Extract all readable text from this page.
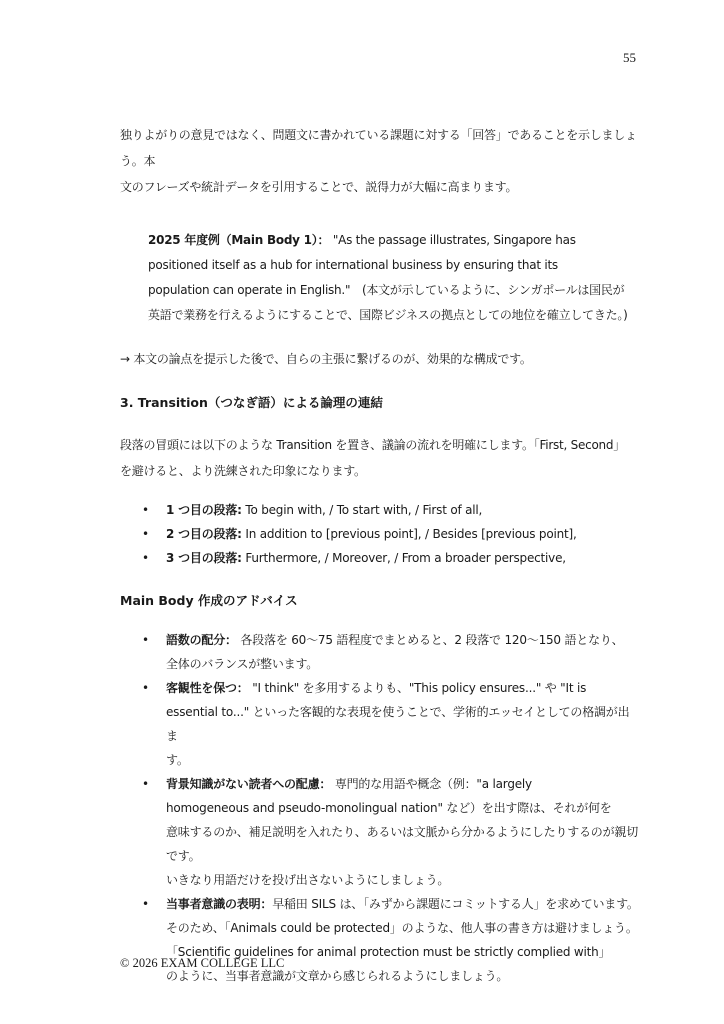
55

独りよがりの意見ではなく、問題文に書かれている課題に対する「回答」であることを示しましょう。本

文のフレーズや統計データを引用することで、説得力が大幅に高まります。

2025 年度例（Main Body 1）： "As the passage illustrates, Singapore has

positioned itself as a hub for international business by ensuring that its

population can operate in English."　(本文が示しているように、シンガポールは国民が

英語で業務を行えるようにすることで、国際ビジネスの拠点としての地位を確立してきた。)

→ 本文の論点を提示した後で、自らの主張に繋げるのが、効果的な構成です。

3. Transition（つなぎ語）による論理の連結

段落の冒頭には以下のような Transition を置き、議論の流れを明確にします。「First, Second」

を避けると、より洗練された印象になります。

• 1 つ目の段落: To begin with, / To start with, / First of all,
• 2 つ目の段落: In addition to [previous point], / Besides [previous point],
• 3 つ目の段落: Furthermore, / Moreover, / From a broader perspective,
Main Body 作成のアドバイス
• 語数の配分： 各段落を 60～75 語程度でまとめると、2 段落で 120～150 語となり、
全体のバランスが整います。
• 客観性を保つ： "I think" を多用するよりも、"This policy ensures..." や "It is
essential to..." といった客観的な表現を使うことで、学術的エッセイとしての格調が出ま
す。
• 背景知識がない読者への配慮： 専門的な用語や概念（例："a largely
homogeneous and pseudo-monolingual nation" など）を出す際は、それが何を
意味するのか、補足説明を入れたり、あるいは文脈から分かるようにしたりするのが親切です。
いきなり用語だけを投げ出さないようにしましょう。
• 当事者意識の表明：早稲田 SILS は、「みずから課題にコミットする人」を求めています。
そのため、「Animals could be protected」のような、他人事の書き方は避けましょう。
「Scientific guidelines for animal protection must be strictly complied with」
のように、当事者意識が文章から感じられるようにしましょう。
© 2026 EXAM COLLEGE LLC
